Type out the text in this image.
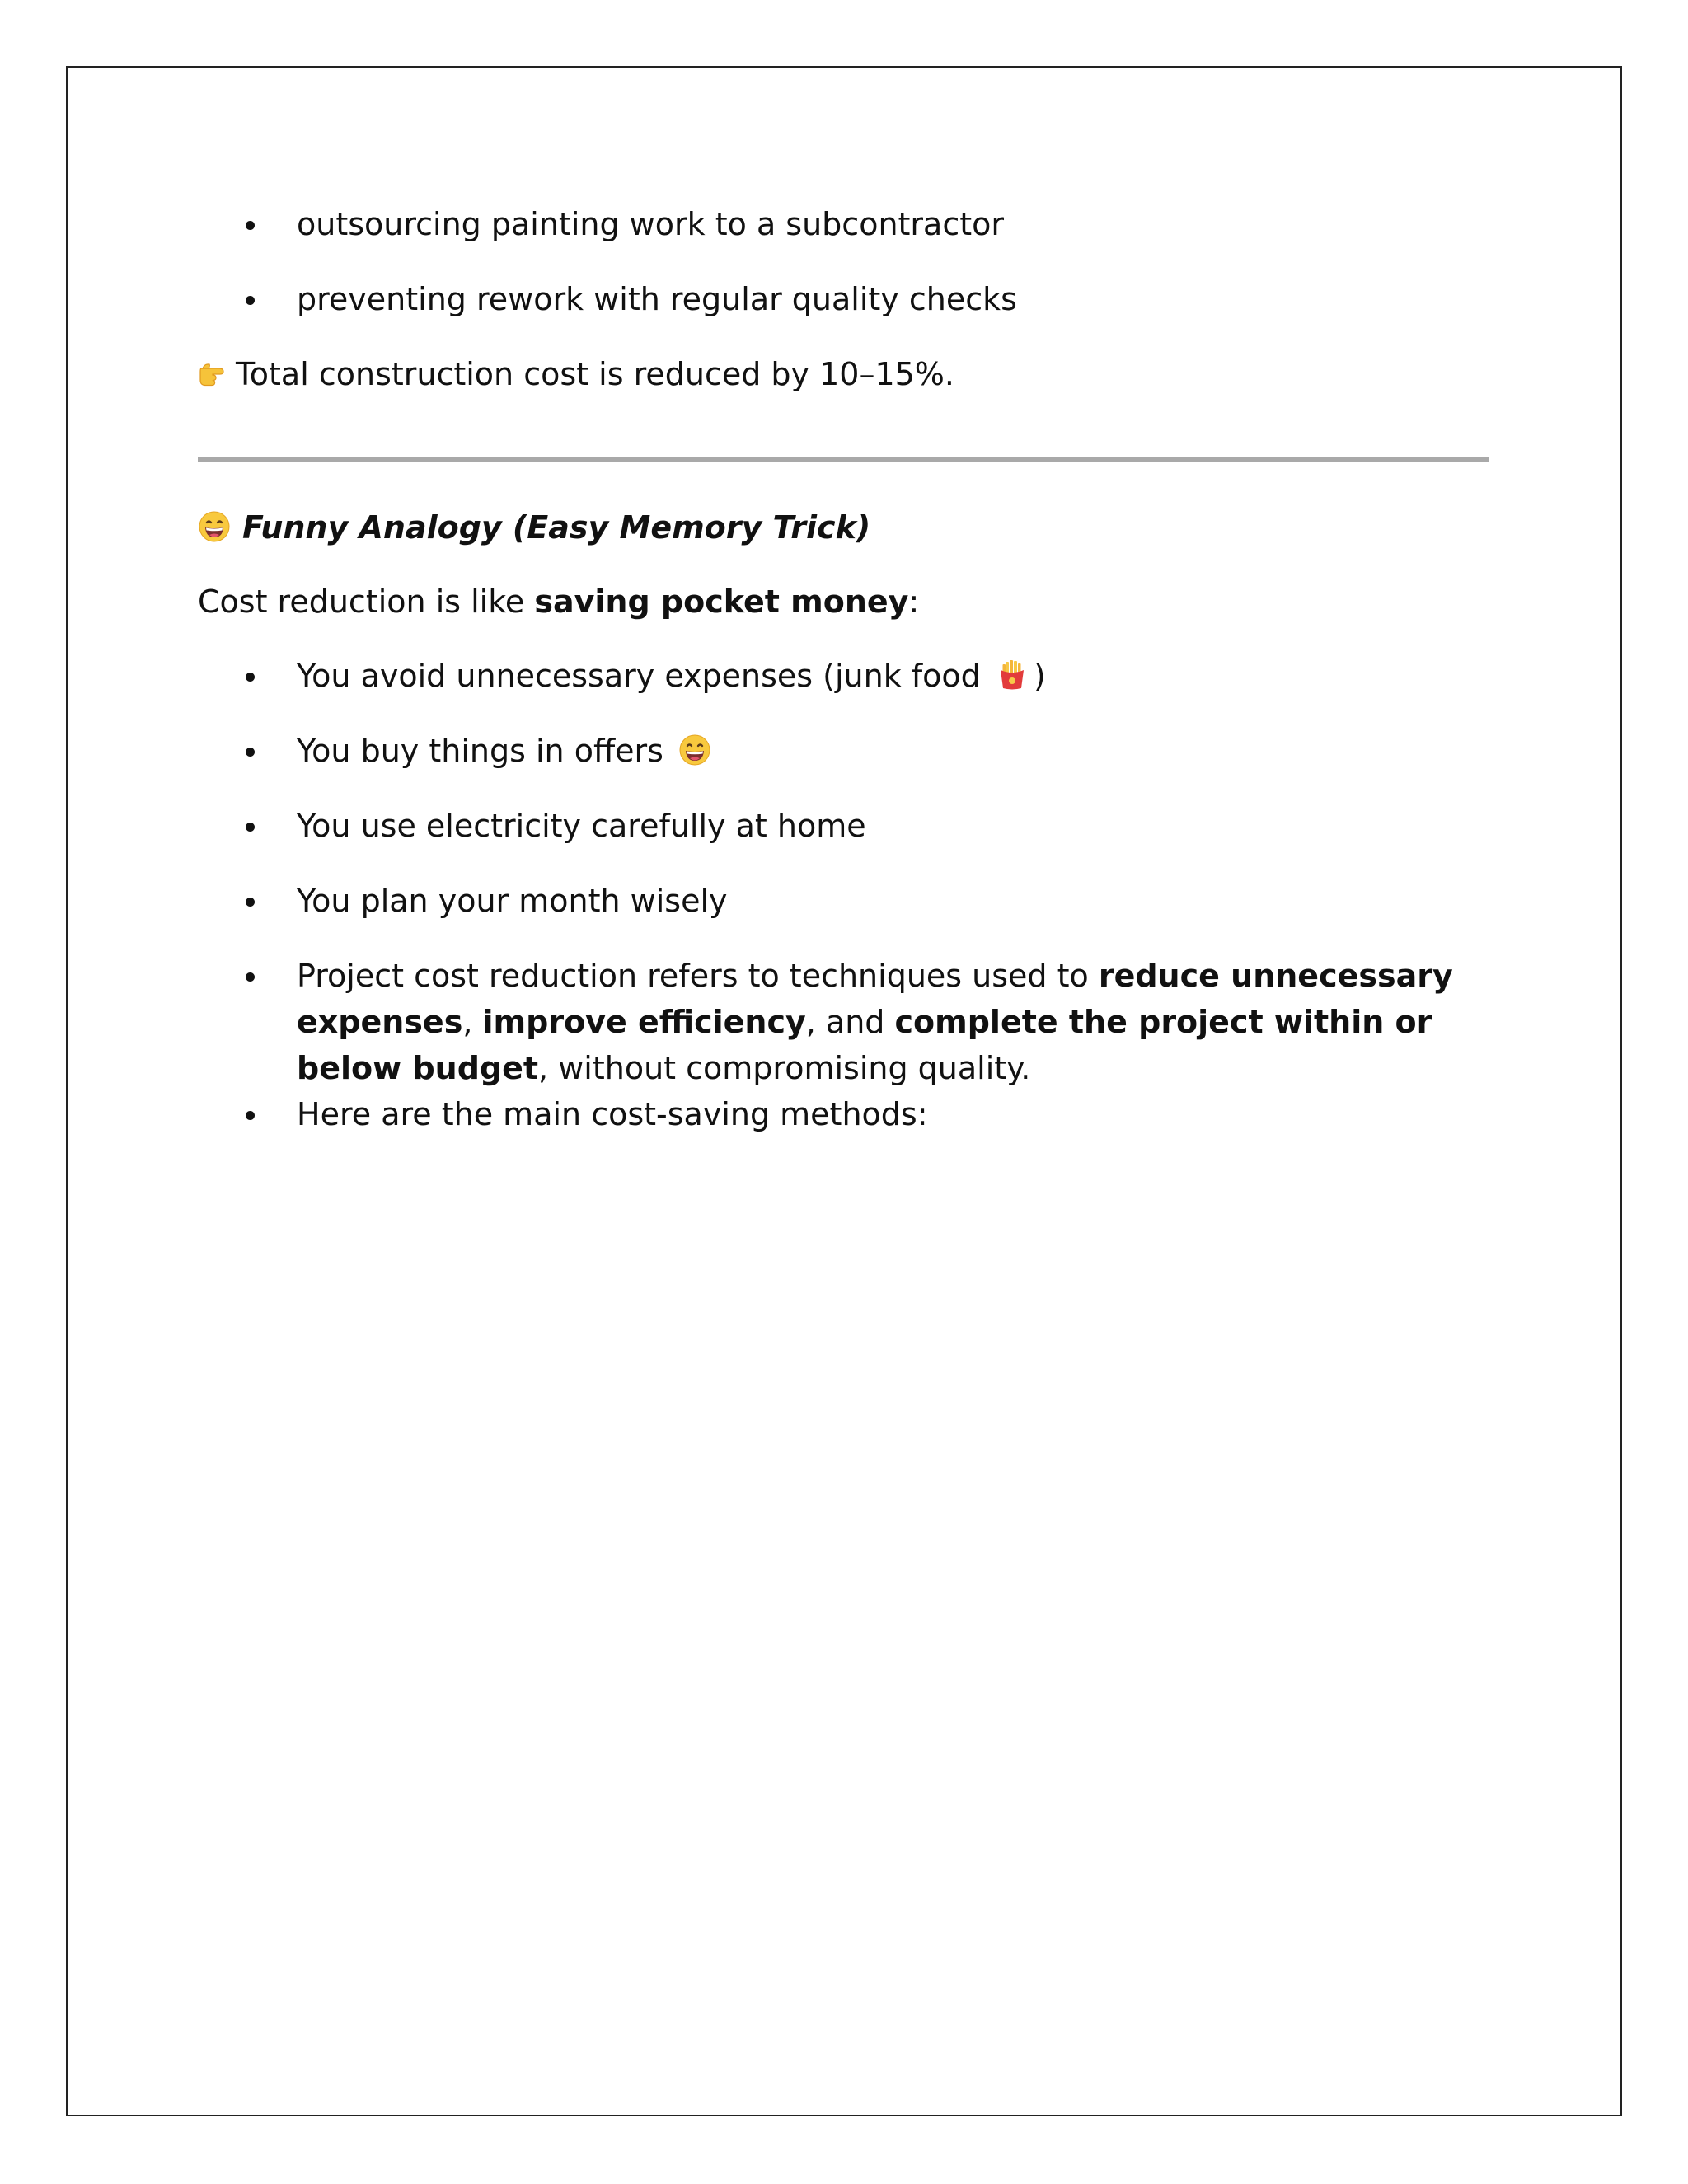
outsourcing painting work to a subcontractor
preventing rework with regular quality checks
Total construction cost is reduced by 10–15%.
Funny Analogy (Easy Memory Trick)
Cost reduction is like saving pocket money:
You avoid unnecessary expenses (junk food
)
You buy things in offers
You use electricity carefully at home
You plan your month wisely
Project cost reduction refers to techniques used to reduce unnecessary expenses, improve efficiency, and complete the project within or below budget, without compromising quality.
Here are the main cost-saving methods:
